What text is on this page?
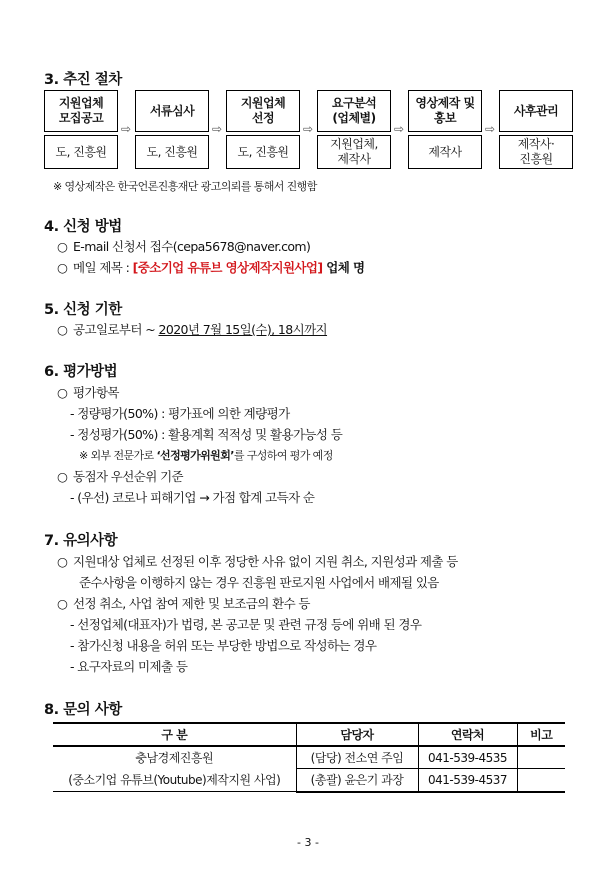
3. 추진 절차
지원업체
모집공고
도, 진흥원
⇨
서류심사
도, 진흥원
⇨
지원업체
선정
도, 진흥원
⇨
요구분석
(업체별)
지원업체,
제작사
⇨
영상제작 및
홍보
제작사
⇨
사후관리
제작사·
진흥원
※ 영상제작은 한국언론진흥재단 광고의뢰를 통해서 진행함
4. 신청 방법
○ E-mail 신청서 접수(cepa5678@naver.com)
○ 메일 제목 : [중소기업 유튜브 영상제작지원사업] 업체 명
5. 신청 기한
○ 공고일로부터 ~ 2020년 7월 15일(수), 18시까지
6. 평가방법
○ 평가항목
- 정량평가(50%) : 평가표에 의한 계량평가
- 정성평가(50%) : 활용계획 적적성 및 활용가능성 등
※ 외부 전문가로 ‘선정평가위원회’를 구성하여 평가 예정
○ 동점자 우선순위 기준
- (우선) 코로나 피해기업 → 가점 합계 고득자 순
7. 유의사항
○ 지원대상 업체로 선정된 이후 정당한 사유 없이 지원 취소, 지원성과 제출 등
준수사항을 이행하지 않는 경우 진흥원 판로지원 사업에서 배제될 있음
○ 선정 취소, 사업 참여 제한 및 보조금의 환수 등
- 선정업체(대표자)가 법령, 본 공고문 및 관련 규정 등에 위배 된 경우
- 참가신청 내용을 허위 또는 부당한 방법으로 작성하는 경우
- 요구자료의 미제출 등
8. 문의 사항
구 분	담당자	연락처	비고

충남경제진흥원
(중소기업 유튜브(Youtube)제작지원 사업)	(담당) 전소연 주임	041-539-4535	
	(총괄) 윤은기 과장	041-539-4537	
- 3 -
